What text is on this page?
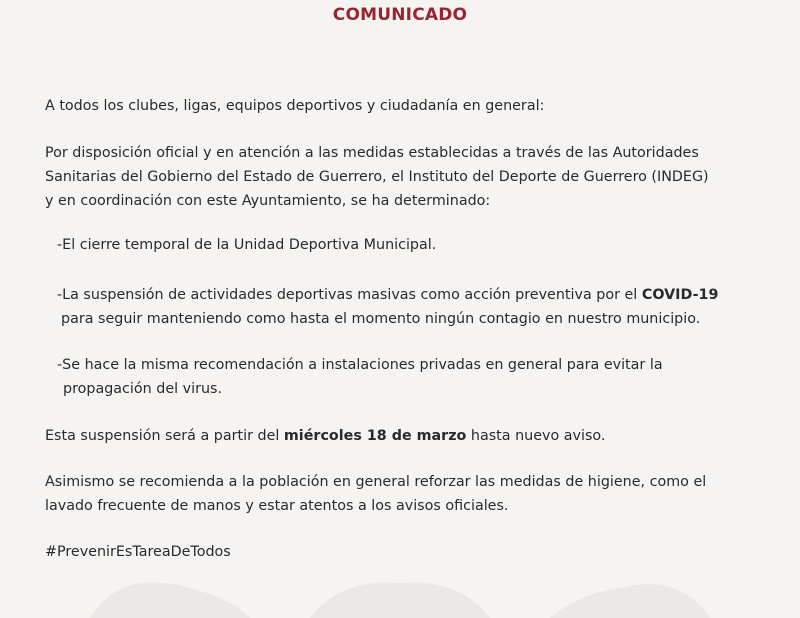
COMUNICADO

A todos los clubes, ligas, equipos deportivos y ciudadanía en general:

Por disposición oficial y en atención a las medidas establecidas a través de las Autoridades
Sanitarias del Gobierno del Estado de Guerrero, el Instituto del Deporte de Guerrero (INDEG)
y en coordinación con este Ayuntamiento, se ha determinado:

-El cierre temporal de la Unidad Deportiva Municipal.

-La suspensión de actividades deportivas masivas como acción preventiva por el COVID-19
para seguir manteniendo como hasta el momento ningún contagio en nuestro municipio.

-Se hace la misma recomendación a instalaciones privadas en general para evitar la
propagación del virus.

Esta suspensión será a partir del miércoles 18 de marzo hasta nuevo aviso.

Asimismo se recomienda a la población en general reforzar las medidas de higiene, como el
lavado frecuente de manos y estar atentos a los avisos oficiales.

#PrevenirEsTareaDeTodos
